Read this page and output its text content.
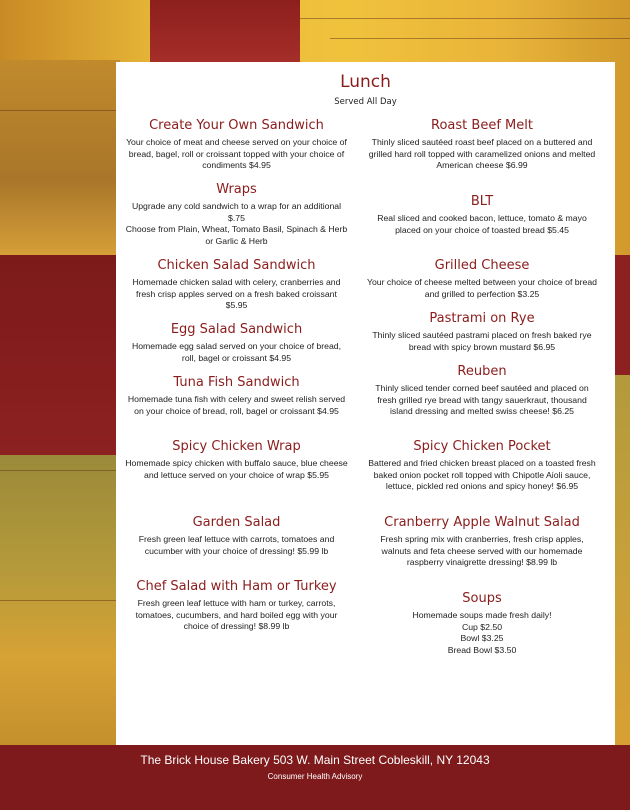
Lunch
Served All Day
Create Your Own Sandwich
Your choice of meat and cheese served on your choice of bread, bagel, roll or croissant topped with your choice of condiments $4.95
Wraps
Upgrade any cold sandwich to a wrap for an additional $.75
Choose from Plain, Wheat, Tomato Basil, Spinach & Herb or Garlic & Herb
Chicken Salad Sandwich
Homemade chicken salad with celery, cranberries and fresh crisp apples served on a fresh baked croissant $5.95
Egg Salad Sandwich
Homemade egg salad served on your choice of bread, roll, bagel or croissant $4.95
Tuna Fish Sandwich
Homemade tuna fish with celery and sweet relish served on your choice of bread, roll, bagel or croissant $4.95
Spicy Chicken Wrap
Homemade spicy chicken with buffalo sauce, blue cheese and lettuce served on your choice of wrap $5.95
Garden Salad
Fresh green leaf lettuce with carrots, tomatoes and cucumber with your choice of dressing! $5.99 lb
Chef Salad with Ham or Turkey
Fresh green leaf lettuce with ham or turkey, carrots, tomatoes, cucumbers, and hard boiled egg with your choice of dressing! $8.99 lb
Roast Beef Melt
Thinly sliced sautéed roast beef placed on a buttered and grilled hard roll topped with caramelized onions and melted American cheese $6.99
BLT
Real sliced and cooked bacon, lettuce, tomato & mayo placed on your choice of toasted bread $5.45
Grilled Cheese
Your choice of cheese melted between your choice of bread and grilled to perfection $3.25
Pastrami on Rye
Thinly sliced sautéed pastrami placed on fresh baked rye bread with spicy brown mustard $6.95
Reuben
Thinly sliced tender corned beef sautéed and placed on fresh grilled rye bread with tangy sauerkraut, thousand island dressing and melted swiss cheese! $6.25
Spicy Chicken Pocket
Battered and fried chicken breast placed on a toasted fresh baked onion pocket roll topped with Chipotle Aioli sauce, lettuce, pickled red onions and spicy honey! $6.95
Cranberry Apple Walnut Salad
Fresh spring mix with cranberries, fresh crisp apples, walnuts and feta cheese served with our homemade raspberry vinaigrette dressing! $8.99 lb
Soups
Homemade soups made fresh daily!
Cup $2.50
Bowl $3.25
Bread Bowl $3.50
The Brick House Bakery 503 W. Main Street Cobleskill, NY 12043
Consumer Health Advisory
